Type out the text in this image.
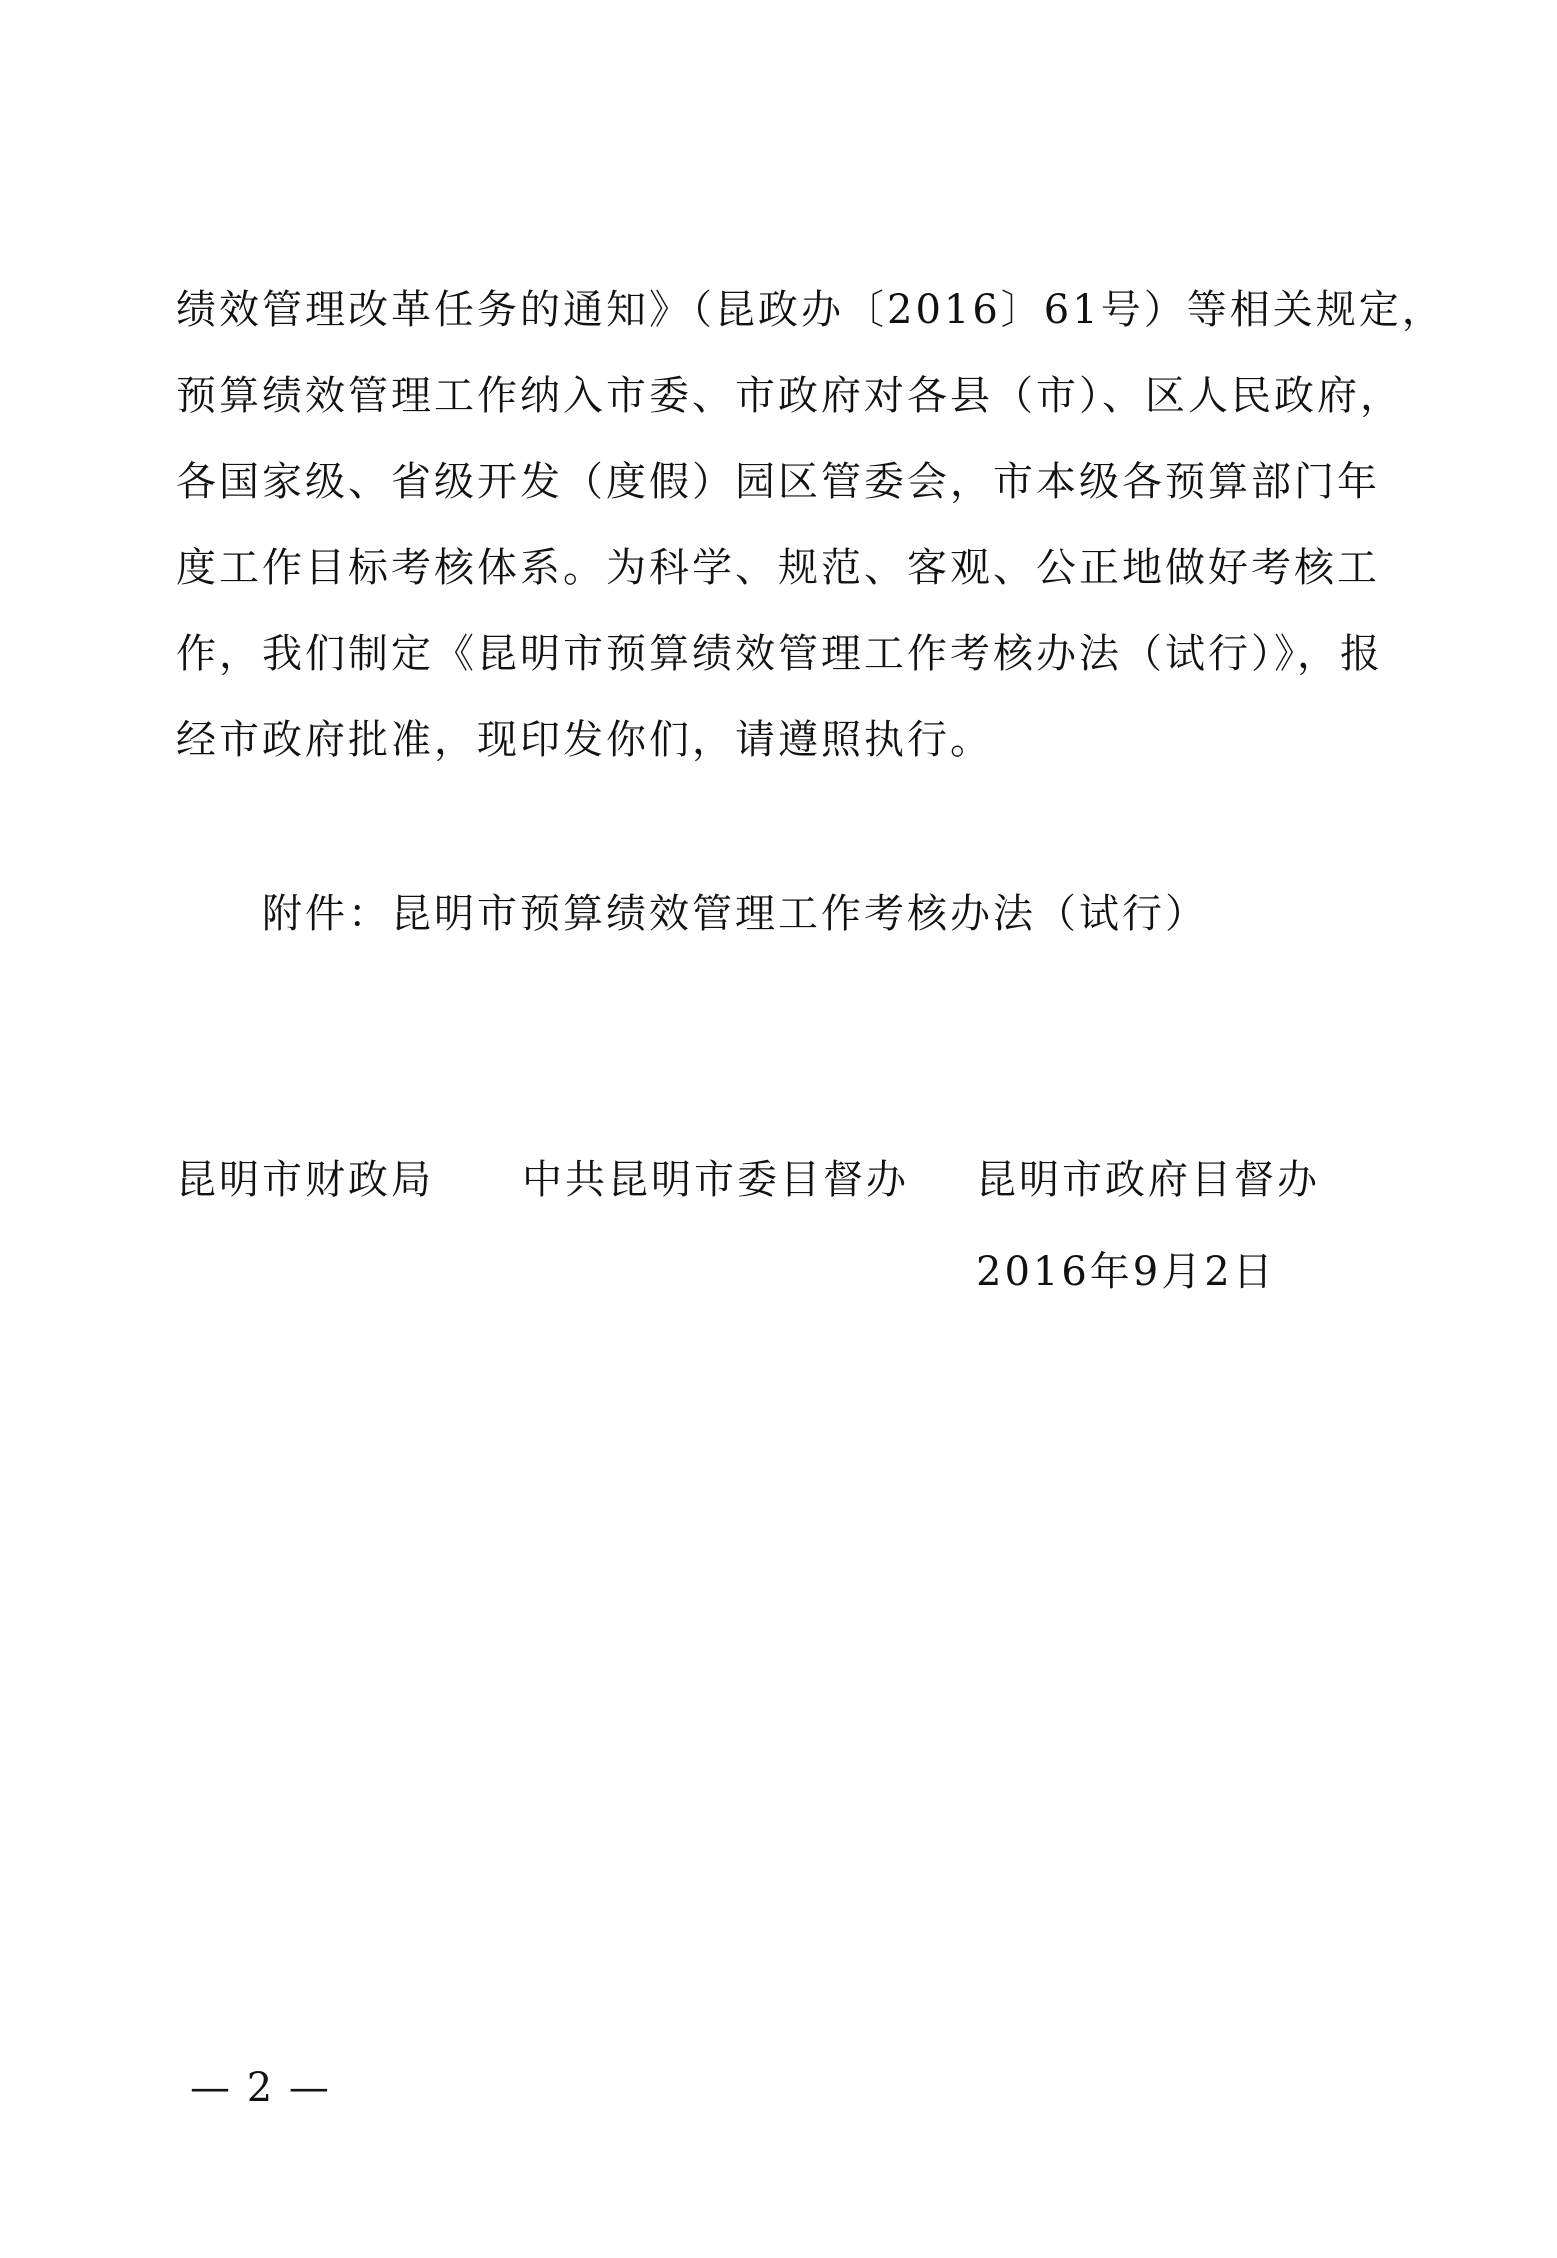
绩效管理改革任务的通知》（昆政办〔2016〕61号）等相关规定，
预算绩效管理工作纳入市委、市政府对各县（市）、区人民政府，
各国家级、省级开发（度假）园区管委会，市本级各预算部门年
度工作目标考核体系。为科学、规范、客观、公正地做好考核工
作，我们制定《昆明市预算绩效管理工作考核办法（试行）》，报
经市政府批准，现印发你们，请遵照执行。
附件：昆明市预算绩效管理工作考核办法（试行）
昆明市财政局 中共昆明市委目督办 昆明市政府目督办
2016年9月2日
— 2 —
